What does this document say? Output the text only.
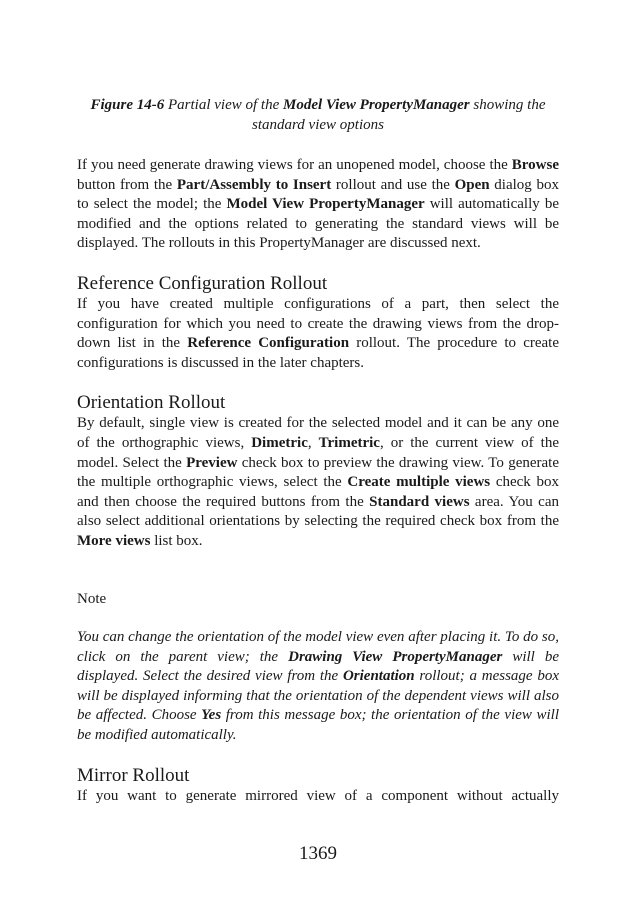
Figure 14-6 Partial view of the Model View PropertyManager showing the standard view options

If you need generate drawing views for an unopened model, choose the Browse button from the Part/Assembly to Insert rollout and use the Open dialog box to select the model; the Model View PropertyManager will automatically be modified and the options related to generating the standard views will be displayed. The rollouts in this PropertyManager are discussed next.

Reference Configuration Rollout

If you have created multiple configurations of a part, then select the configuration for which you need to create the drawing views from the drop-down list in the Reference Configuration rollout. The procedure to create configurations is discussed in the later chapters.

Orientation Rollout

By default, single view is created for the selected model and it can be any one of the orthographic views, Dimetric, Trimetric, or the current view of the model. Select the Preview check box to preview the drawing view. To generate the multiple orthographic views, select the Create multiple views check box and then choose the required buttons from the Standard views area. You can also select additional orientations by selecting the required check box from the More views list box.

Note

You can change the orientation of the model view even after placing it. To do so, click on the parent view; the Drawing View PropertyManager will be displayed. Select the desired view from the Orientation rollout; a message box will be displayed informing that the orientation of the dependent views will also be affected. Choose Yes from this message box; the orientation of the view will be modified automatically.

Mirror Rollout

If you want to generate mirrored view of a component without actually

1369
